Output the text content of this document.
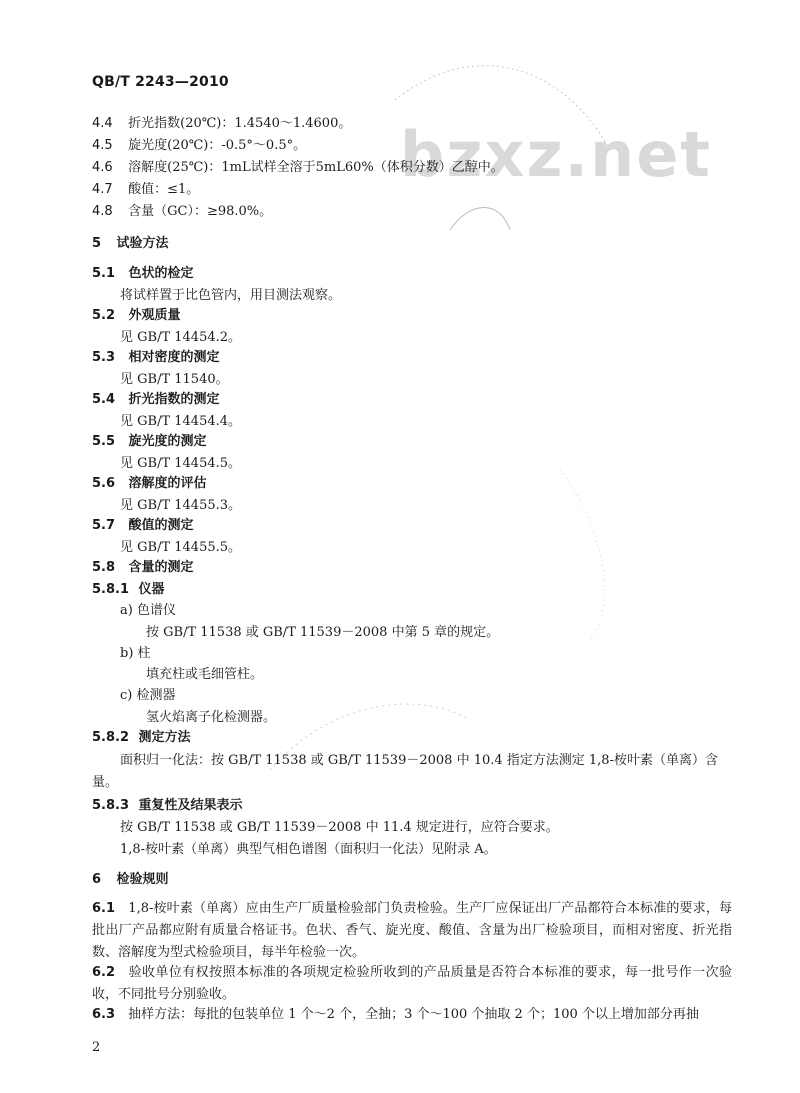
bzxz.net
QB/T 2243—2010
4.4 折光指数(20℃)：1.4540～1.4600。
4.5 旋光度(20℃)：-0.5°～0.5°。
4.6 溶解度(25℃)：1mL试样全溶于5mL60%（体积分数）乙醇中。
4.7 酸值：≤1。
4.8 含量（GC）：≥98.0%。
5 试验方法
5.1 色状的检定
将试样置于比色管内，用目测法观察。
5.2 外观质量
见 GB/T 14454.2。
5.3 相对密度的测定
见 GB/T 11540。
5.4 折光指数的测定
见 GB/T 14454.4。
5.5 旋光度的测定
见 GB/T 14454.5。
5.6 溶解度的评估
见 GB/T 14455.3。
5.7 酸值的测定
见 GB/T 14455.5。
5.8 含量的测定
5.8.1 仪器
a) 色谱仪
按 GB/T 11538 或 GB/T 11539－2008 中第 5 章的规定。
b) 柱
填充柱或毛细管柱。
c) 检测器
氢火焰离子化检测器。
5.8.2 测定方法
面积归一化法：按 GB/T 11538 或 GB/T 11539－2008 中 10.4 指定方法测定 1,8-桉叶素（单离）含
量。
5.8.3 重复性及结果表示
按 GB/T 11538 或 GB/T 11539－2008 中 11.4 规定进行，应符合要求。
1,8-桉叶素（单离）典型气相色谱图（面积归一化法）见附录 A。
6 检验规则
6.1 1,8-桉叶素（单离）应由生产厂质量检验部门负责检验。生产厂应保证出厂产品都符合本标准的要求，每批出厂产品都应附有质量合格证书。色状、香气、旋光度、酸值、含量为出厂检验项目，而相对密度、折光指数、溶解度为型式检验项目，每半年检验一次。
6.2 验收单位有权按照本标准的各项规定检验所收到的产品质量是否符合本标准的要求，每一批号作一次验收，不同批号分别验收。
6.3 抽样方法：每批的包装单位 1 个～2 个，全抽；3 个～100 个抽取 2 个；100 个以上增加部分再抽
2
